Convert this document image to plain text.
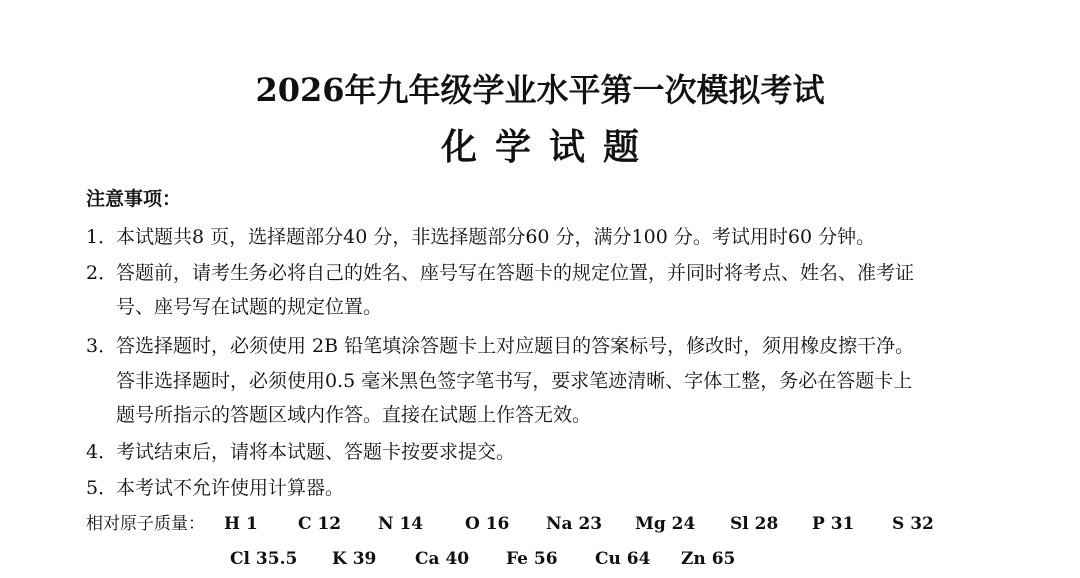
2026年九年级学业水平第一次模拟考试
化学试题
注意事项：
1．本试题共8 页，选择题部分40 分，非选择题部分60 分，满分100 分。考试用时60 分钟。
2．答题前，请考生务必将自己的姓名、座号写在答题卡的规定位置，并同时将考点、姓名、准考证
号、座号写在试题的规定位置。
3．答选择题时，必须使用 2B 铅笔填涂答题卡上对应题目的答案标号，修改时，须用橡皮擦干净。
答非选择题时，必须使用0.5 毫米黑色签字笔书写，要求笔迹清晰、字体工整，务必在答题卡上
题号所指示的答题区域内作答。直接在试题上作答无效。
4．考试结束后，请将本试题、答题卡按要求提交。
5．本考试不允许使用计算器。
相对原子质量： H 1 C 12 N 14 O 16 Na 23 Mg 24 Sl 28 P 31 S 32
Cl 35.5 K 39 Ca 40 Fe 56 Cu 64 Zn 65
